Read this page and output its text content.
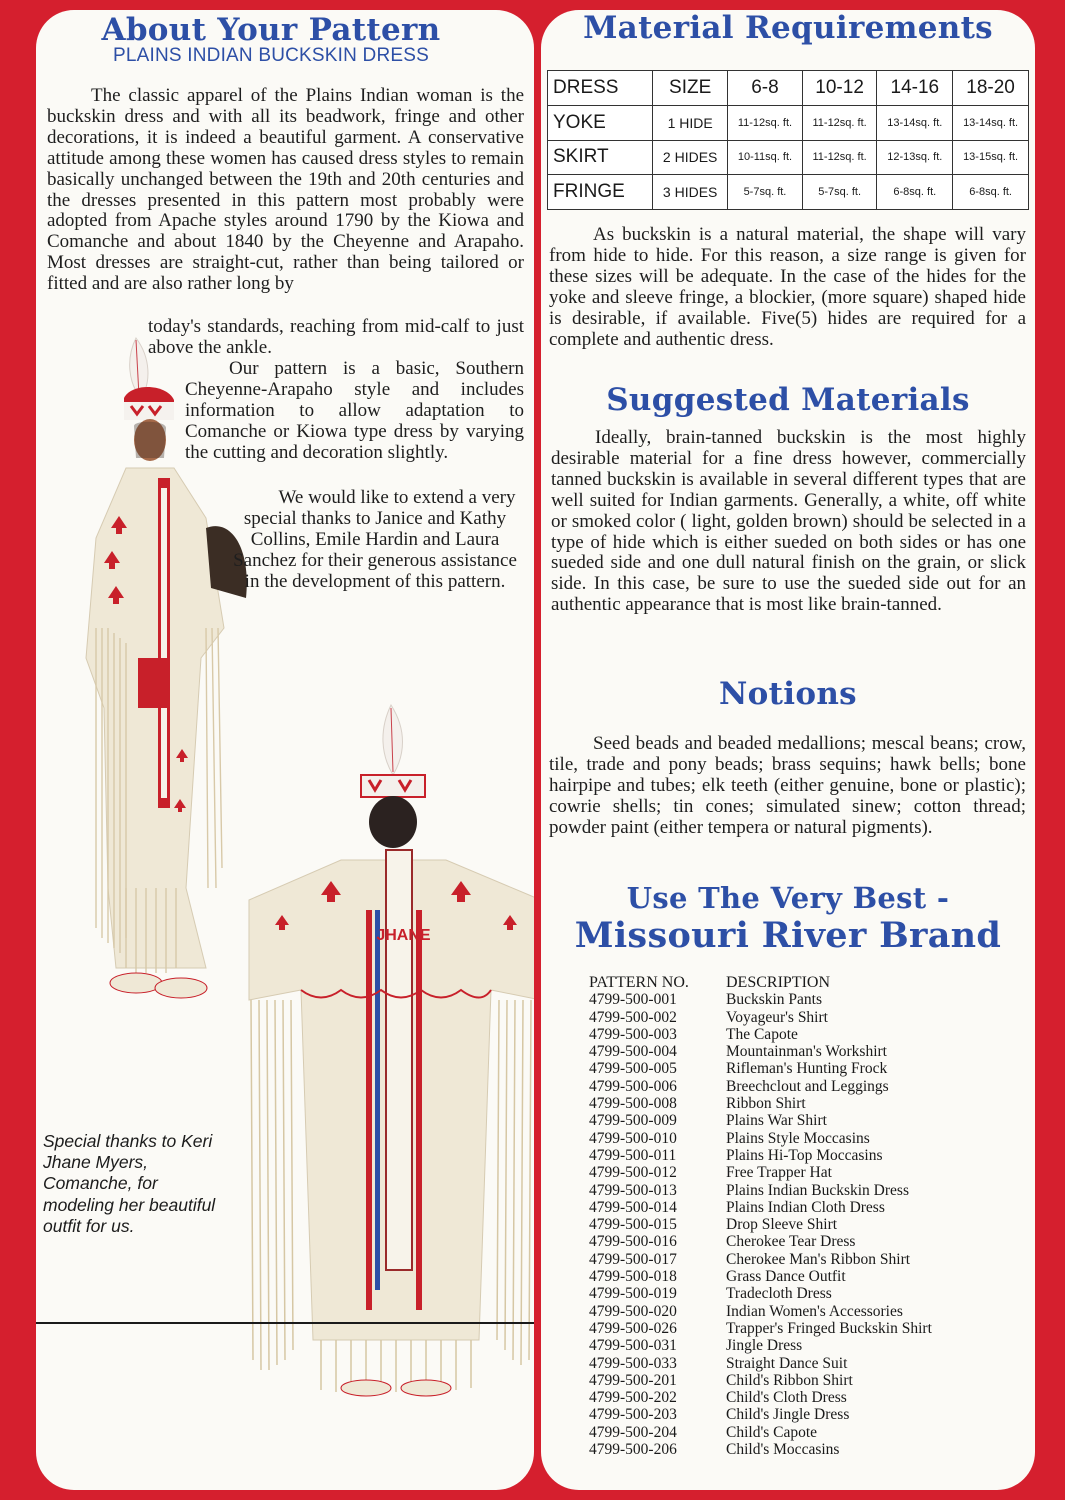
About Your Pattern

PLAINS INDIAN BUCKSKIN DRESS

I JHANE

The classic apparel of the Plains Indian woman is the buckskin dress and with all its beadwork, fringe and other decorations, it is indeed a beautiful garment. A conservative attitude among these women has caused dress styles to remain basically unchanged between the 19th and 20th centuries and the dresses presented in this pattern most probably were adopted from Apache styles around 1790 by the Kiowa and Comanche and about 1840 by the Cheyenne and Arapaho. Most dresses are straight-cut, rather than being tailored or fitted and are also rather long by

today's standards, reaching from mid-calf to just above the ankle.

Our pattern is a basic, Southern Cheyenne-Arapaho style and includes information to allow adaptation to Comanche or Kiowa type dress by varying the cutting and decoration slightly.

We would like to extend a very special thanks to Janice and Kathy Collins, Emile Hardin and Laura Sanchez for their generous assistance in the development of this pattern.

Special thanks to Keri Jhane Myers, Comanche, for modeling her beautiful outfit for us.

Material Requirements
DRESS	SIZE	6-8	10-12	14-16	18-20
YOKE	1 HIDE	11-12sq. ft.	11-12sq. ft.	13-14sq. ft.	13-14sq. ft.
SKIRT	2 HIDES	10-11sq. ft.	11-12sq. ft.	12-13sq. ft.	13-15sq. ft.
FRINGE	3 HIDES	5-7sq. ft.	5-7sq. ft.	6-8sq. ft.	6-8sq. ft.

As buckskin is a natural material, the shape will vary from hide to hide. For this reason, a size range is given for these sizes will be adequate. In the case of the hides for the yoke and sleeve fringe, a blockier, (more square) shaped hide is desirable, if available. Five(5) hides are required for a complete and authentic dress.

Suggested Materials

Ideally, brain-tanned buckskin is the most highly desirable material for a fine dress however, commercially tanned buckskin is available in several different types that are well suited for Indian garments. Generally, a white, off white or smoked color ( light, golden brown) should be selected in a type of hide which is either sueded on both sides or has one sueded side and one dull natural finish on the grain, or slick side. In this case, be sure to use the sueded side out for an authentic appearance that is most like brain-tanned.

Notions

Seed beads and beaded medallions; mescal beans; crow, tile, trade and pony beads; brass sequins; hawk bells; bone hairpipe and tubes; elk teeth (either genuine, bone or plastic); cowrie shells; tin cones; simulated sinew; cotton thread; powder paint (either tempera or natural pigments).

Use The Very Best -
Missouri River Brand
PATTERN NO.	DESCRIPTION
4799-500-001	Buckskin Pants
4799-500-002	Voyageur's Shirt
4799-500-003	The Capote
4799-500-004	Mountainman's Workshirt
4799-500-005	Rifleman's Hunting Frock
4799-500-006	Breechclout and Leggings
4799-500-008	Ribbon Shirt
4799-500-009	Plains War Shirt
4799-500-010	Plains Style Moccasins
4799-500-011	Plains Hi-Top Moccasins
4799-500-012	Free Trapper Hat
4799-500-013	Plains Indian Buckskin Dress
4799-500-014	Plains Indian Cloth Dress
4799-500-015	Drop Sleeve Shirt
4799-500-016	Cherokee Tear Dress
4799-500-017	Cherokee Man's Ribbon Shirt
4799-500-018	Grass Dance Outfit
4799-500-019	Tradecloth Dress
4799-500-020	Indian Women's Accessories
4799-500-026	Trapper's Fringed Buckskin Shirt
4799-500-031	Jingle Dress
4799-500-033	Straight Dance Suit
4799-500-201	Child's Ribbon Shirt
4799-500-202	Child's Cloth Dress
4799-500-203	Child's Jingle Dress
4799-500-204	Child's Capote
4799-500-206	Child's Moccasins
